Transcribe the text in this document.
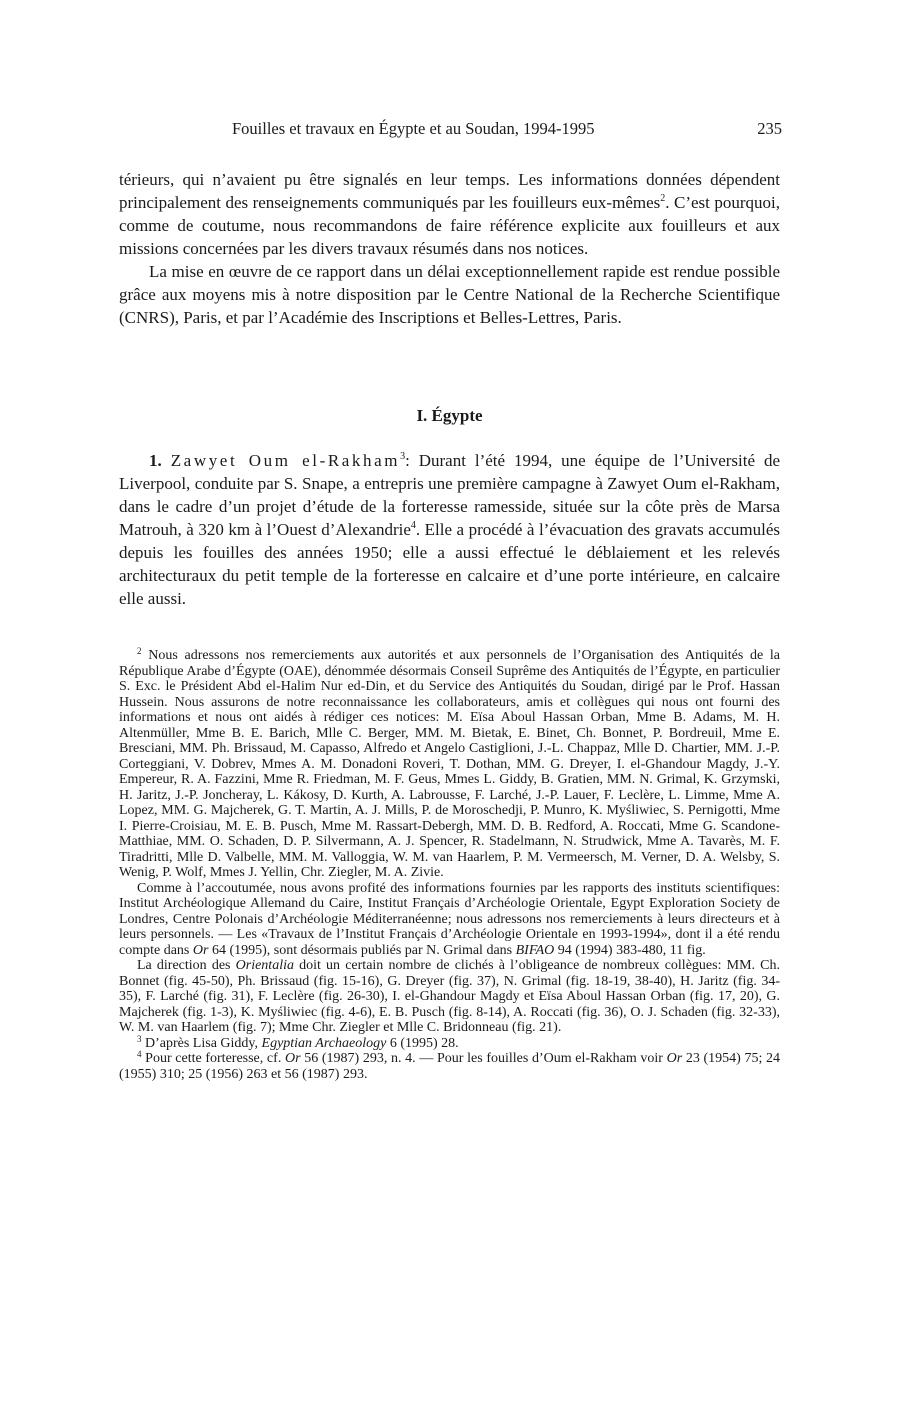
Fouilles et travaux en Égypte et au Soudan, 1994-1995	235

térieurs, qui n’avaient pu être signalés en leur temps. Les informations données dépendent principalement des renseignements communiqués par les fouilleurs eux-mêmes$^2$. C’est pourquoi, comme de coutume, nous recommandons de faire référence explicite aux fouilleurs et aux missions concernées par les divers travaux résumés dans nos notices.

La mise en œuvre de ce rapport dans un délai exceptionnellement rapide est rendue possible grâce aux moyens mis à notre disposition par le Centre National de la Recherche Scientifique (CNRS), Paris, et par l’Académie des Inscriptions et Belles-Lettres, Paris.

I. Égypte
1. Zawyet Oum el-Rakham$^3$: Durant l’été 1994, une équipe de l’Université de Liverpool, conduite par S. Snape, a entrepris une première campagne à Zawyet Oum el-Rakham, dans le cadre d’un projet d’étude de la forteresse ramesside, située sur la côte près de Marsa Matrouh, à 320 km à l’Ouest d’Alexandrie$^4$. Elle a procédé à l’évacuation des gravats accumulés depuis les fouilles des années 1950; elle a aussi effectué le déblaiement et les relevés architecturaux du petit temple de la forteresse en calcaire et d’une porte intérieure, en calcaire elle aussi.

$^2$ Nous adressons nos remerciements aux autorités et aux personnels de l’Organisation des Antiquités de la République Arabe d’Égypte (OAE), dénommée désormais Conseil Suprême des Antiquités de l’Égypte, en particulier S. Exc. le Président Abd el-Halim Nur ed-Din, et du Service des Antiquités du Soudan, dirigé par le Prof. Hassan Hussein. Nous assurons de notre reconnaissance les collaborateurs, amis et collègues qui nous ont fourni des informations et nous ont aidés à rédiger ces notices: M. Eïsa Aboul Hassan Orban, Mme B. Adams, M. H. Altenmüller, Mme B. E. Barich, Mlle C. Berger, MM. M. Bietak, E. Binet, Ch. Bonnet, P. Bordreuil, Mme E. Bresciani, MM. Ph. Brissaud, M. Capasso, Alfredo et Angelo Castiglioni, J.-L. Chappaz, Mlle D. Chartier, MM. J.-P. Corteggiani, V. Dobrev, Mmes A. M. Donadoni Roveri, T. Dothan, MM. G. Dreyer, I. el-Ghandour Magdy, J.-Y. Empereur, R. A. Fazzini, Mme R. Friedman, M. F. Geus, Mmes L. Giddy, B. Gratien, MM. N. Grimal, K. Grzymski, H. Jaritz, J.-P. Joncheray, L. Kákosy, D. Kurth, A. Labrousse, F. Larché, J.-P. Lauer, F. Leclère, L. Limme, Mme A. Lopez, MM. G. Majcherek, G. T. Martin, A. J. Mills, P. de Moroschedji, P. Munro, K. Myśliwiec, S. Pernigotti, Mme I. Pierre-Croisiau, M. E. B. Pusch, Mme M. Rassart-Debergh, MM. D. B. Redford, A. Roccati, Mme G. Scandone-Matthiae, MM. O. Schaden, D. P. Silvermann, A. J. Spencer, R. Stadelmann, N. Strudwick, Mme A. Tavarès, M. F. Tiradritti, Mlle D. Valbelle, MM. M. Valloggia, W. M. van Haarlem, P. M. Vermeersch, M. Verner, D. A. Welsby, S. Wenig, P. Wolf, Mmes J. Yellin, Chr. Ziegler, M. A. Zivie.

Comme à l’accoutumée, nous avons profité des informations fournies par les rapports des instituts scientifiques: Institut Archéologique Allemand du Caire, Institut Français d’Archéologie Orientale, Egypt Exploration Society de Londres, Centre Polonais d’Archéologie Méditerranéenne; nous adressons nos remerciements à leurs directeurs et à leurs personnels. — Les «Travaux de l’Institut Français d’Archéologie Orientale en 1993-1994», dont il a été rendu compte dans Or 64 (1995), sont désormais publiés par N. Grimal dans BIFAO 94 (1994) 383-480, 11 fig.

La direction des Orientalia doit un certain nombre de clichés à l’obligeance de nombreux collègues: MM. Ch. Bonnet (fig. 45-50), Ph. Brissaud (fig. 15-16), G. Dreyer (fig. 37), N. Grimal (fig. 18-19, 38-40), H. Jaritz (fig. 34-35), F. Larché (fig. 31), F. Leclère (fig. 26-30), I. el-Ghandour Magdy et Eïsa Aboul Hassan Orban (fig. 17, 20), G. Majcherek (fig. 1-3), K. Myśliwiec (fig. 4-6), E. B. Pusch (fig. 8-14), A. Roccati (fig. 36), O. J. Schaden (fig. 32-33), W. M. van Haarlem (fig. 7); Mme Chr. Ziegler et Mlle C. Bridonneau (fig. 21).

$^3$ D’après Lisa Giddy, Egyptian Archaeology 6 (1995) 28.

$^4$ Pour cette forteresse, cf. Or 56 (1987) 293, n. 4. — Pour les fouilles d’Oum el-Rakham voir Or 23 (1954) 75; 24 (1955) 310; 25 (1956) 263 et 56 (1987) 293.
